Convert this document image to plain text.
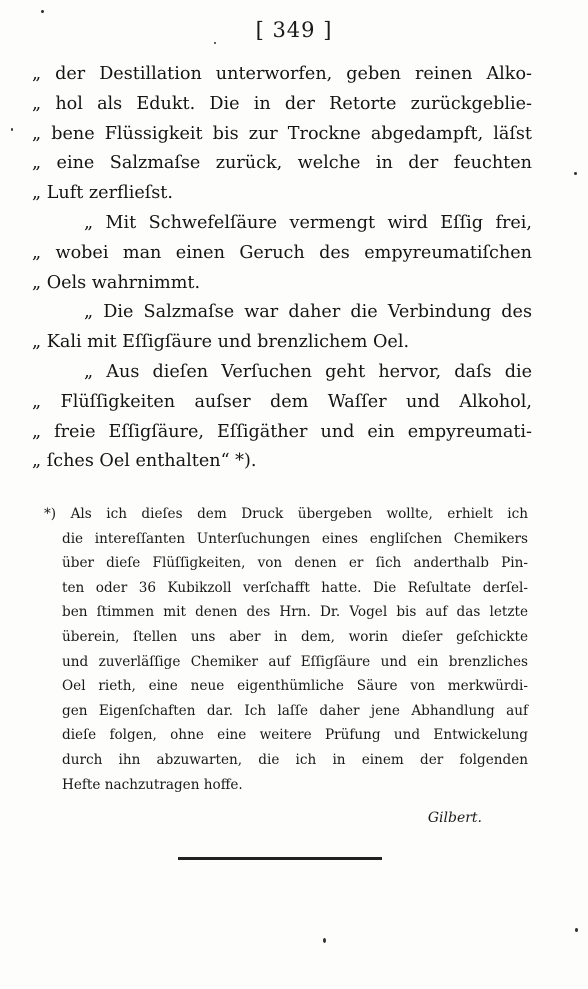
[ 349 ]
„ der Destillation unterworfen, geben reinen Alko-
„ hol als Edukt. Die in der Retorte zurückgeblie-
„ bene Flüssigkeit bis zur Trockne abgedampft, läſst
„ eine Salzmaſse zurück, welche in der feuchten
„ Luft zerflieſst.
„ Mit Schwefelſäure vermengt wird Eſſig frei,
„ wobei man einen Geruch des empyreumatiſchen
„ Oels wahrnimmt.
„ Die Salzmaſse war daher die Verbindung des
„ Kali mit Eſſigſäure und brenzlichem Oel.
„ Aus dieſen Verſuchen geht hervor, daſs die
„ Flüſſigkeiten auſser dem Waſſer und Alkohol,
„ freie Eſſigſäure, Eſſigäther und ein empyreumati-
„ ſches Oel enthalten“ *).
*) Als ich dieſes dem Druck übergeben wollte, erhielt ich
die intereſſanten Unterſuchungen eines engliſchen Chemikers
über dieſe Flüſſigkeiten, von denen er ſich anderthalb Pin-
ten oder 36 Kubikzoll verſchafft hatte. Die Reſultate derſel-
ben ſtimmen mit denen des Hrn. Dr. Vogel bis auf das letzte
überein, ſtellen uns aber in dem, worin dieſer geſchickte
und zuverläſſige Chemiker auf Eſſigſäure und ein brenzliches
Oel rieth, eine neue eigenthümliche Säure von merkwürdi-
gen Eigenſchaften dar. Ich laſſe daher jene Abhandlung auf
dieſe folgen, ohne eine weitere Prüfung und Entwickelung
durch ihn abzuwarten, die ich in einem der folgenden
Hefte nachzutragen hoffe.
Gilbert.
